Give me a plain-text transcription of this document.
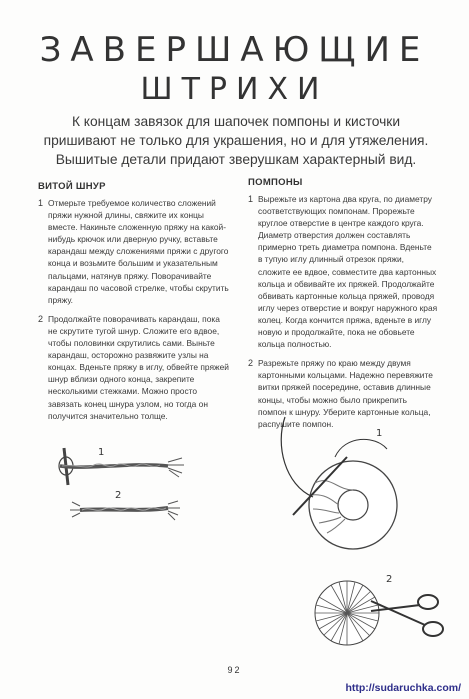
ЗАВЕРШАЮЩИЕ
ШТРИХИ
К концам завязок для шапочек помпоны и кисточки пришивают не только для украшения, но и для утяжеления. Вышитые детали придают зверушкам характерный вид.
ВИТОЙ ШНУР
1 Отмерьте требуемое количество сложений пряжи нужной длины, свяжите их концы вместе. Накиньте сложенную пряжу на какой-нибудь крючок или дверную ручку, вставьте карандаш между сложениями пряжи с другого конца и возьмите большим и указательным пальцами, натянув пряжу. Поворачивайте карандаш по часовой стрелке, чтобы скрутить пряжу.
2 Продолжайте поворачивать карандаш, пока не скрутите тугой шнур. Сложите его вдвое, чтобы половинки скрутились сами. Выньте карандаш, осторожно развяжите узлы на концах. Вденьте пряжу в иглу, обвейте пряжей шнур вблизи одного конца, закрепите несколькими стежками. Можно просто завязать конец шнура узлом, но тогда он получится значительно толще.
ПОМПОНЫ
1 Вырежьте из картона два круга, по диаметру соответствующих помпонам. Прорежьте круглое отверстие в центре каждого круга. Диаметр отверстия должен составлять примерно треть диаметра помпона. Вденьте в тупую иглу длинный отрезок пряжи, сложите ее вдвое, совместите два картонных кольца и обвивайте их пряжей. Продолжайте обвивать картонные кольца пряжей, проводя иглу через отверстие и вокруг наружного края колец. Когда кончится пряжа, вденьте в иглу новую и продолжайте, пока не обовьете кольца полностью.
2 Разрежьте пряжу по краю между двумя картонными кольцами. Надежно перевяжите витки пряжей посередине, оставив длинные концы, чтобы можно было прикрепить помпон к шнуру. Уберите картонные кольца, распушите помпон.
1
2
1
2
92
http://sudaruchka.com/
